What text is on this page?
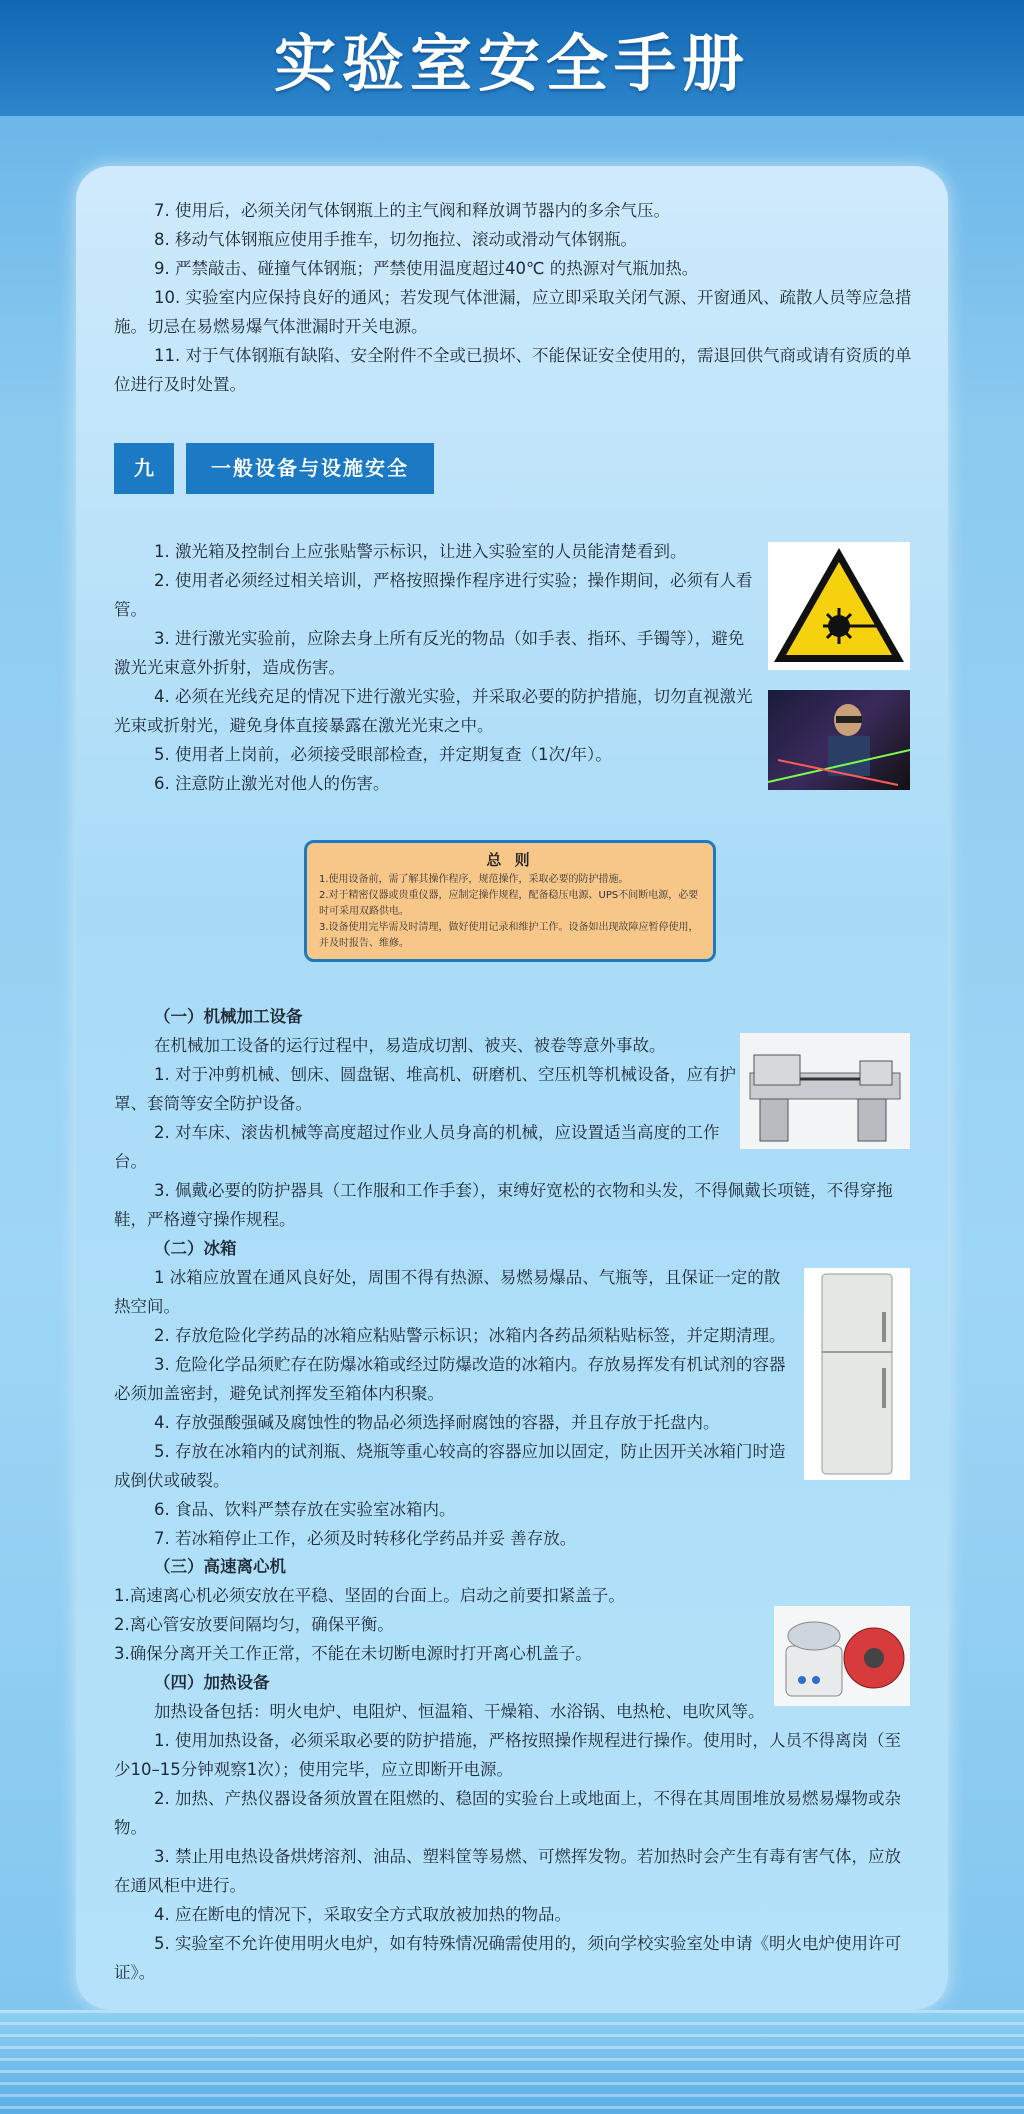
实验室安全手册

7. 使用后，必须关闭气体钢瓶上的主气阀和释放调节器内的多余气压。

8. 移动气体钢瓶应使用手推车，切勿拖拉、滚动或滑动气体钢瓶。

9. 严禁敲击、碰撞气体钢瓶；严禁使用温度超过40℃ 的热源对气瓶加热。

10. 实验室内应保持良好的通风；若发现气体泄漏，应立即采取关闭气源、开窗通风、疏散人员等应急措施。切忌在易燃易爆气体泄漏时开关电源。

11. 对于气体钢瓶有缺陷、安全附件不全或已损坏、不能保证安全使用的，需退回供气商或请有资质的单位进行及时处置。

九	一般设备与设施安全

1. 激光箱及控制台上应张贴警示标识，让进入实验室的人员能清楚看到。

2. 使用者必须经过相关培训，严格按照操作程序进行实验；操作期间，必须有人看管。

3. 进行激光实验前，应除去身上所有反光的物品（如手表、指环、手镯等），避免激光光束意外折射，造成伤害。

4. 必须在光线充足的情况下进行激光实验，并采取必要的防护措施，切勿直视激光光束或折射光，避免身体直接暴露在激光光束之中。

5. 使用者上岗前，必须接受眼部检查，并定期复查（1次/年）。

6. 注意防止激光对他人的伤害。

总 则

1.使用设备前，需了解其操作程序，规范操作，采取必要的防护措施。

2.对于精密仪器或贵重仪器，应制定操作规程，配备稳压电源、UPS不间断电源，必要时可采用双路供电。

3.设备使用完毕需及时清理，做好使用记录和维护工作。设备如出现故障应暂停使用，并及时报告、维修。

（一）机械加工设备

在机械加工设备的运行过程中，易造成切割、被夹、被卷等意外事故。

1. 对于冲剪机械、刨床、圆盘锯、堆高机、研磨机、空压机等机械设备，应有护罩、套筒等安全防护设备。

2. 对车床、滚齿机械等高度超过作业人员身高的机械，应设置适当高度的工作台。

3. 佩戴必要的防护器具（工作服和工作手套），束缚好宽松的衣物和头发，不得佩戴长项链，不得穿拖鞋，严格遵守操作规程。

（二）冰箱

1 冰箱应放置在通风良好处，周围不得有热源、易燃易爆品、气瓶等，且保证一定的散热空间。

2. 存放危险化学药品的冰箱应粘贴警示标识；冰箱内各药品须粘贴标签，并定期清理。

3. 危险化学品须贮存在防爆冰箱或经过防爆改造的冰箱内。存放易挥发有机试剂的容器必须加盖密封，避免试剂挥发至箱体内积聚。

4. 存放强酸强碱及腐蚀性的物品必须选择耐腐蚀的容器，并且存放于托盘内。

5. 存放在冰箱内的试剂瓶、烧瓶等重心较高的容器应加以固定，防止因开关冰箱门时造成倒伏或破裂。

6. 食品、饮料严禁存放在实验室冰箱内。

7. 若冰箱停止工作，必须及时转移化学药品并妥 善存放。

（三）高速离心机

1.高速离心机必须安放在平稳、坚固的台面上。启动之前要扣紧盖子。

2.离心管安放要间隔均匀，确保平衡。

3.确保分离开关工作正常，不能在未切断电源时打开离心机盖子。

（四）加热设备

加热设备包括：明火电炉、电阻炉、恒温箱、干燥箱、水浴锅、电热枪、电吹风等。

1. 使用加热设备，必须采取必要的防护措施，严格按照操作规程进行操作。使用时，人员不得离岗（至少10–15分钟观察1次）；使用完毕，应立即断开电源。

2. 加热、产热仪器设备须放置在阻燃的、稳固的实验台上或地面上，不得在其周围堆放易燃易爆物或杂物。

3. 禁止用电热设备烘烤溶剂、油品、塑料筐等易燃、可燃挥发物。若加热时会产生有毒有害气体，应放在通风柜中进行。

4. 应在断电的情况下，采取安全方式取放被加热的物品。

5. 实验室不允许使用明火电炉，如有特殊情况确需使用的，须向学校实验室处申请《明火电炉使用许可证》。
